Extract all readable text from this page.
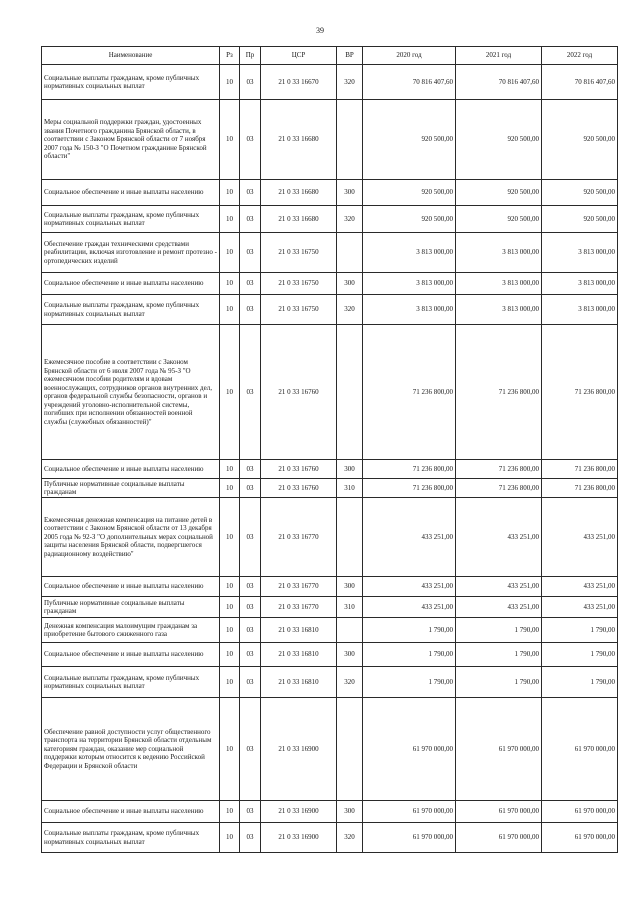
39
Наименование	Рз	Пр	ЦСР	ВР	2020 год	2021 год	2022 год
Социальные выплаты гражданам, кроме публичных нормативных социальных выплат	10	03	21 0 33 16670	320	70 816 407,60	70 816 407,60	70 816 407,60
Меры социальной поддержки граждан, удостоенных звания Почетного гражданина Брянской области, в соответствии с Законом Брянской области от 7 ноября 2007 года № 150-З "О Почетном гражданине Брянской области"	10	03	21 0 33 16680		920 500,00	920 500,00	920 500,00
Социальное обеспечение и иные выплаты населению	10	03	21 0 33 16680	300	920 500,00	920 500,00	920 500,00
Социальные выплаты гражданам, кроме публичных нормативных социальных выплат	10	03	21 0 33 16680	320	920 500,00	920 500,00	920 500,00
Обеспечение граждан техническими средствами реабилитации, включая изготовление и ремонт протезно - ортопедических изделий	10	03	21 0 33 16750		3 813 000,00	3 813 000,00	3 813 000,00
Социальное обеспечение и иные выплаты населению	10	03	21 0 33 16750	300	3 813 000,00	3 813 000,00	3 813 000,00
Социальные выплаты гражданам, кроме публичных нормативных социальных выплат	10	03	21 0 33 16750	320	3 813 000,00	3 813 000,00	3 813 000,00
Ежемесячное пособие в соответствии с Законом Брянской области от 6 июля 2007 года № 95-З "О ежемесячном пособии родителям и вдовам военнослужащих, сотрудников органов внутренних дел, органов федеральной службы безопасности, органов и учреждений уголовно-исполнительной системы, погибших при исполнении обязанностей военной службы (служебных обязанностей)"	10	03	21 0 33 16760		71 236 800,00	71 236 800,00	71 236 800,00
Социальное обеспечение и иные выплаты населению	10	03	21 0 33 16760	300	71 236 800,00	71 236 800,00	71 236 800,00
Публичные нормативные социальные выплаты гражданам	10	03	21 0 33 16760	310	71 236 800,00	71 236 800,00	71 236 800,00
Ежемесячная денежная компенсация на питание детей в соответствии с Законом Брянской области от 13 декабря 2005 года № 92-З "О дополнительных мерах социальной защиты населения Брянской области, подвергшегося радиационному воздействию"	10	03	21 0 33 16770		433 251,00	433 251,00	433 251,00
Социальное обеспечение и иные выплаты населению	10	03	21 0 33 16770	300	433 251,00	433 251,00	433 251,00
Публичные нормативные социальные выплаты гражданам	10	03	21 0 33 16770	310	433 251,00	433 251,00	433 251,00
Денежная компенсация малоимущим гражданам за приобретение бытового сжиженного газа	10	03	21 0 33 16810		1 790,00	1 790,00	1 790,00
Социальное обеспечение и иные выплаты населению	10	03	21 0 33 16810	300	1 790,00	1 790,00	1 790,00
Социальные выплаты гражданам, кроме публичных нормативных социальных выплат	10	03	21 0 33 16810	320	1 790,00	1 790,00	1 790,00
Обеспечение равной доступности услуг общественного транспорта на территории Брянской области отдельным категориям граждан, оказание мер социальной поддержки которым относится к ведению Российской Федерации и Брянской области	10	03	21 0 33 16900		61 970 000,00	61 970 000,00	61 970 000,00
Социальное обеспечение и иные выплаты населению	10	03	21 0 33 16900	300	61 970 000,00	61 970 000,00	61 970 000,00
Социальные выплаты гражданам, кроме публичных нормативных социальных выплат	10	03	21 0 33 16900	320	61 970 000,00	61 970 000,00	61 970 000,00
